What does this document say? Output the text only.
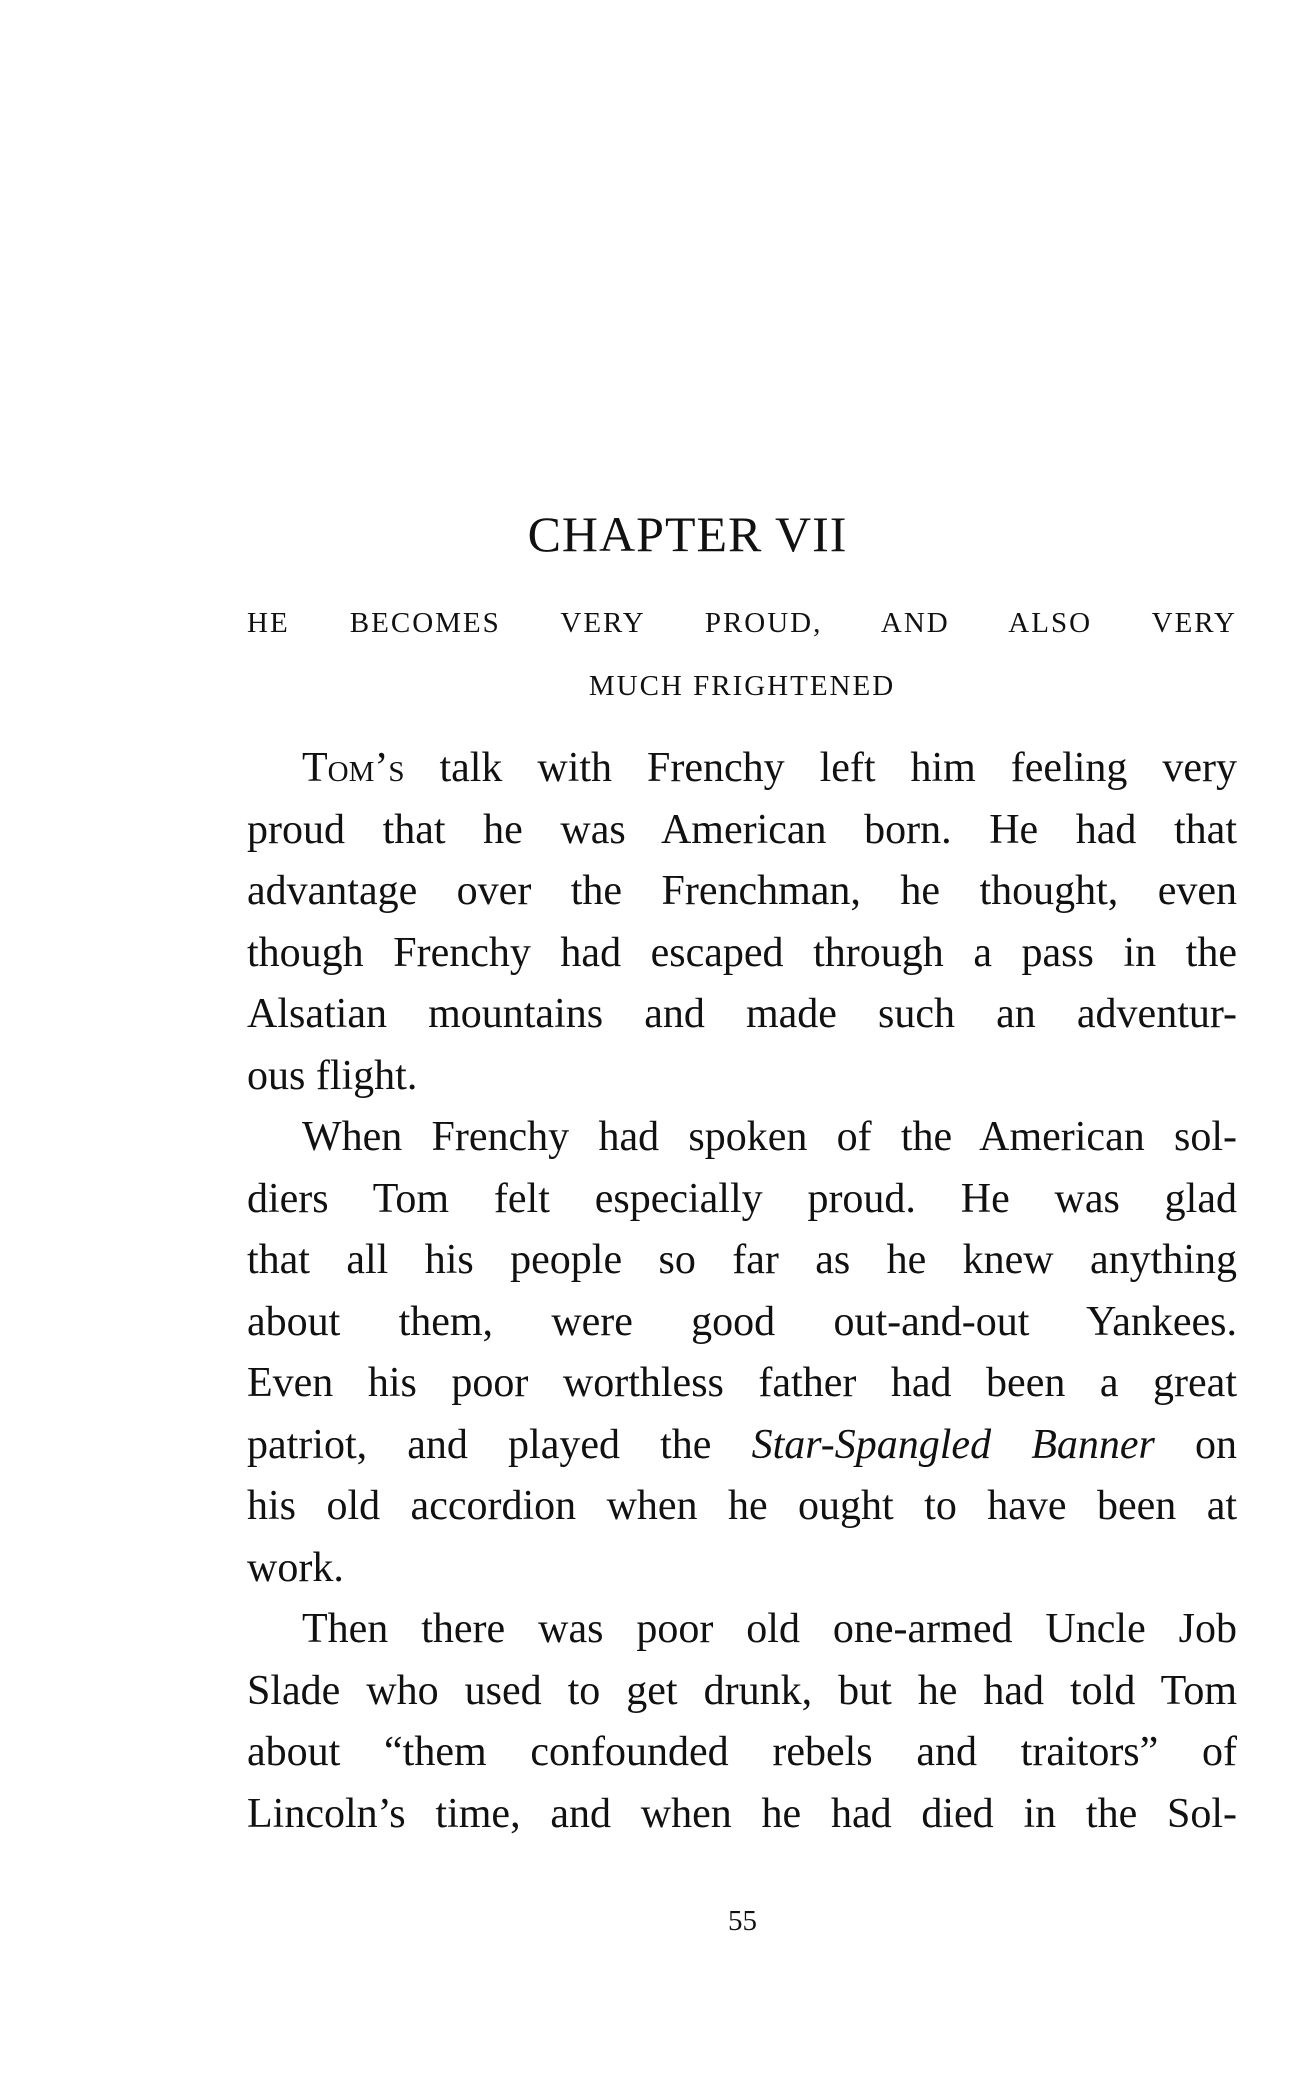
CHAPTER VII
HE BECOMES VERY PROUD, AND ALSO VERY
MUCH FRIGHTENED
Tom’s talk with Frenchy left him feeling very
proud that he was American born. He had that
advantage over the Frenchman, he thought, even
though Frenchy had escaped through a pass in the
Alsatian mountains and made such an adventur-
ous flight.
When Frenchy had spoken of the American sol-
diers Tom felt especially proud. He was glad
that all his people so far as he knew anything
about them, were good out-and-out Yankees.
Even his poor worthless father had been a great
patriot, and played the Star-Spangled Banner on
his old accordion when he ought to have been at
work.
Then there was poor old one-armed Uncle Job
Slade who used to get drunk, but he had told Tom
about “them confounded rebels and traitors” of
Lincoln’s time, and when he had died in the Sol-
55
